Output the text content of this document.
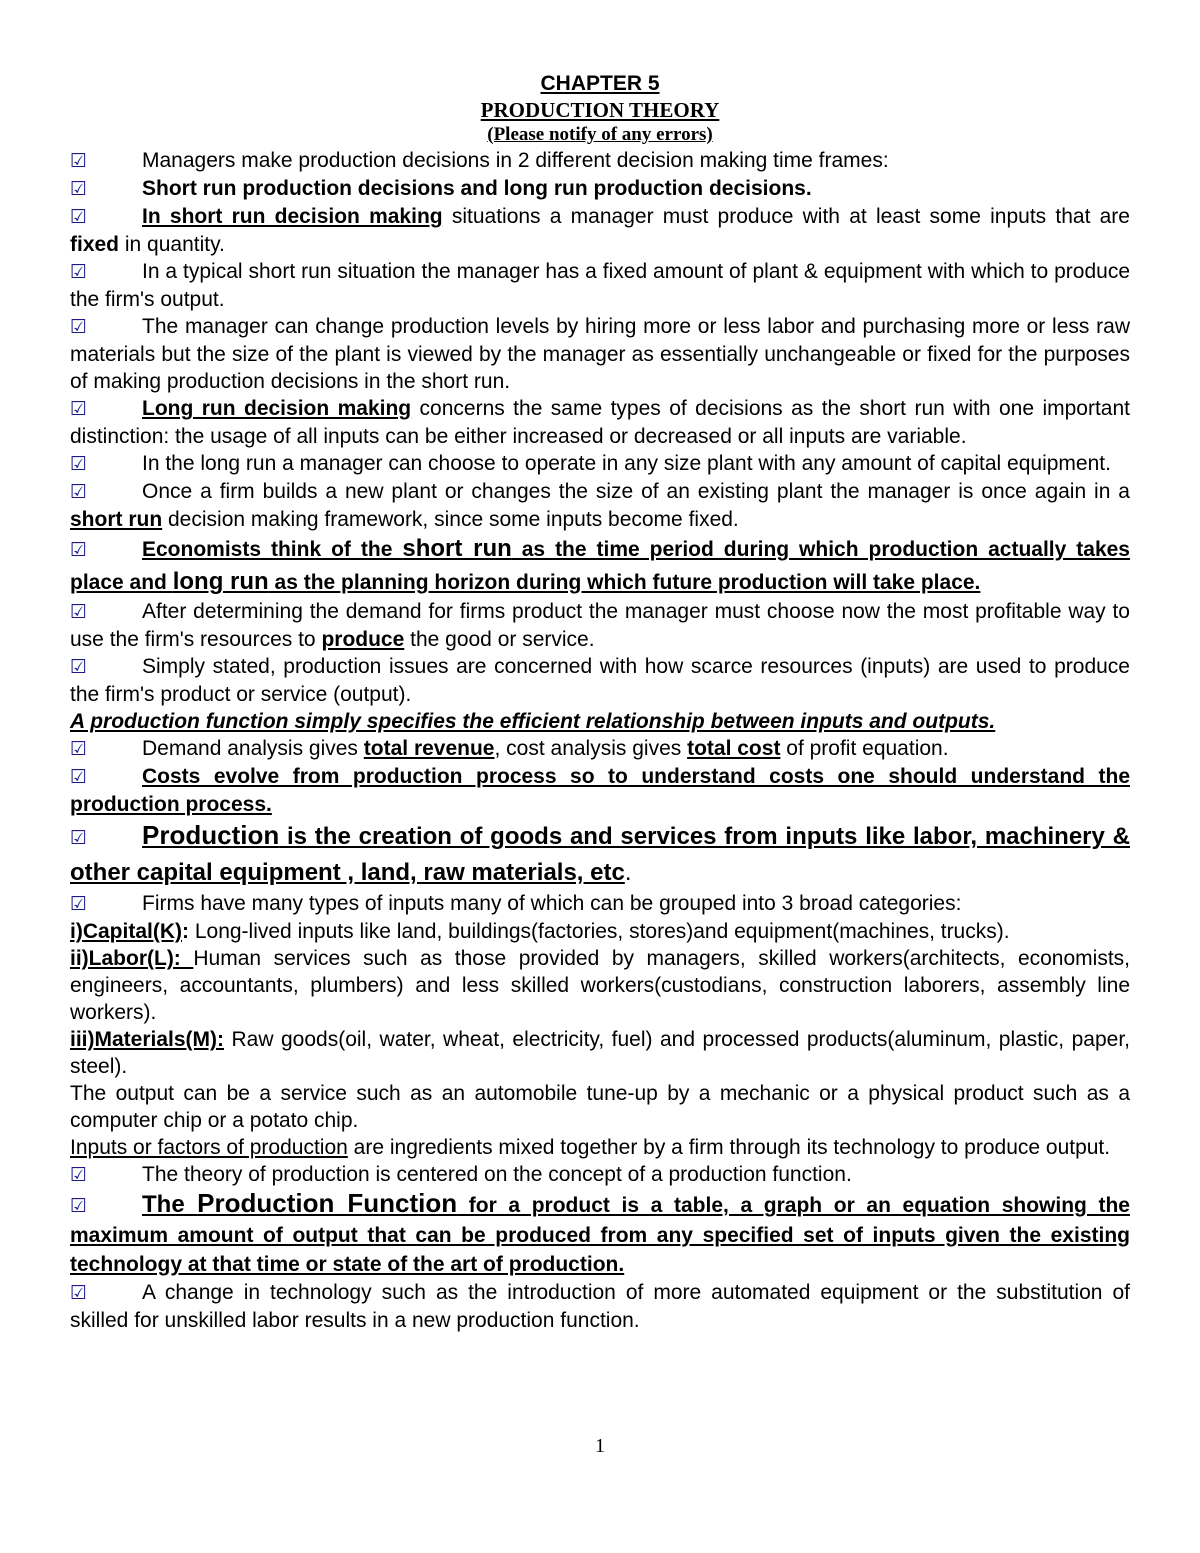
CHAPTER 5

PRODUCTION THEORY

(Please notify of any errors)

☑	Managers make production decisions in 2 different decision making time frames:

☑	Short run production decisions and long run production decisions.

☑	In short run decision making situations a manager must produce with at least some inputs that are fixed in quantity.

☑	In a typical short run situation the manager has a fixed amount of plant & equipment with which to produce the firm's output.

☑	The manager can change production levels by hiring more or less labor and purchasing more or less raw materials but the size of the plant is viewed by the manager as essentially unchangeable or fixed for the purposes of making production decisions in the short run.

☑	Long run decision making concerns the same types of decisions as the short run with one important distinction: the usage of all inputs can be either increased or decreased or all inputs are variable.

☑	In the long run a manager can choose to operate in any size plant with any amount of capital equipment.

☑	Once a firm builds a new plant or changes the size of an existing plant the manager is once again in a short run decision making framework, since some inputs become fixed.

☑	Economists think of the short run as the time period during which production actually takes place and long run as the planning horizon during which future production will take place.

☑	After determining the demand for firms product the manager must choose now the most profitable way to use the firm's resources to produce the good or service.

☑	Simply stated, production issues are concerned with how scarce resources (inputs) are used to produce the firm's product or service (output).

A production function simply specifies the efficient relationship between inputs and outputs.

☑	Demand analysis gives total revenue, cost analysis gives total cost of profit equation.

☑	Costs evolve from production process so to understand costs one should understand the production process.

☑ Production is the creation of goods and services from inputs like labor, machinery & other capital equipment , land, raw materials, etc.

☑	Firms have many types of inputs many of which can be grouped into 3 broad categories:

i)Capital(K): Long-lived inputs like land, buildings(factories, stores)and equipment(machines, trucks).

ii)Labor(L): Human services such as those provided by managers, skilled workers(architects, economists, engineers, accountants, plumbers) and less skilled workers(custodians, construction laborers, assembly line workers).

iii)Materials(M): Raw goods(oil, water, wheat, electricity, fuel) and processed products(aluminum, plastic, paper, steel).

The output can be a service such as an automobile tune-up by a mechanic or a physical product such as a computer chip or a potato chip.

Inputs or factors of production are ingredients mixed together by a firm through its technology to produce output.

☑	The theory of production is centered on the concept of a production function.

☑ The Production Function for a product is a table, a graph or an equation showing the maximum amount of output that can be produced from any specified set of inputs given the existing technology at that time or state of the art of production.

☑	A change in technology such as the introduction of more automated equipment or the substitution of skilled for unskilled labor results in a new production function.

1
